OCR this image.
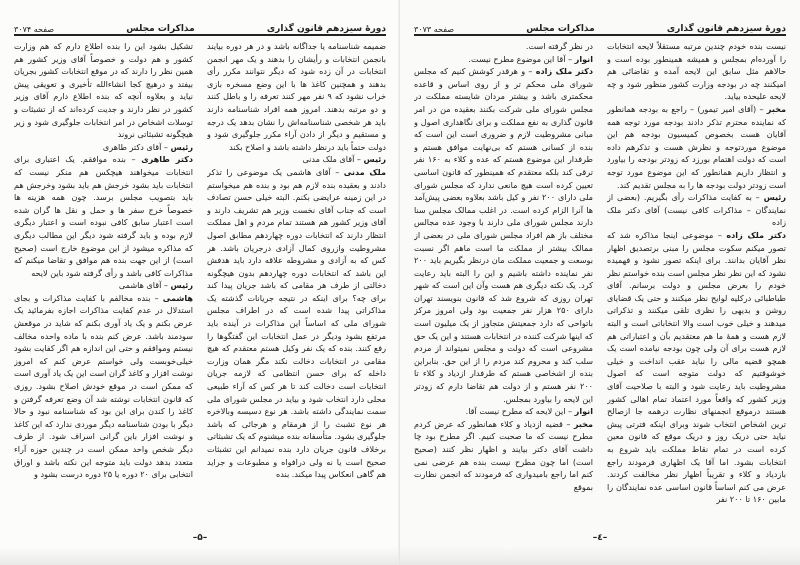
دورهٔ سیزدهم قانون گذاری
مذاکرات مجلس
صفحه ۳۰۷۴

ضمیمه شناسنامه یا جداگانه باشد و در هر دوره بیایند بانجمن انتخابات و رأیشان را بدهند و یک مهر انجمن انتخابات در آن زده شود که دیگر نتوانند مکرر رأی بدهند و همچنین کاغذ ها با این وضع مسخره بازی خراب نشود که ۹ نفر مهر کنند تعرفه را و باطل کنند و دو مرتبه بدهند. امروز همه افراد شناسنامه دارند باید هر شخصی شناسنامه‌اش را نشان بدهد یک درجه و مستقیم و دیگر از دادن آراء مکرر جلوگیری شود و دولت حتماً باید درنظر داشته باشد و اصلاح بکند

رئیس – آقای ملک مدنی

ملک مدنی – آقای هاشمی یک موضوعی را تذکر دادند و بعقیده بنده لازم هم بود و بنده هم میخواستم در این زمینه عرایضی بکنم. البته خیلی حسن تصادف است که جناب آقای نخست وزیر هم تشریف دارند و آقای وزیر کشور هم هستند تمام مردم و اهل مملکت انتظار دارند که انتخابات دوره چهاردهم مطابق اصول مشروطیت وازروی کمال آزادی درجریان باشد. هر کس که به آزادی و مشروطه علاقه دارد باید هدفش این باشد که انتخابات دوره چهاردهم بدون هیچگونه دخالتی از طرف هر مقامی که باشد جریان پیدا کند برای چه؟ برای اینکه در نتیجه جریانات گذشته یک مذاکراتی پیدا شده است که در اطراف مجلس شورای ملی که اساساً این مذاکرات در آینده باید مرتفع بشود ودیگر در عمل انتخابات این گفتگوها را رفع کنند. بنده که یک نفر وکیل هستم معتقدم که هیچ مقامی در انتخابات دخالت نکند مگر همان وزارت داخله که برای حسن انتظامی که لازمه جریان انتخابات است دخالت کند تا هر کس که آراء طبیعی محلی دارد انتخاب شود و بیاید در مجلس شورای ملی سمت نمایندگی داشته باشد. هر نوع دسیسه وبالاخره هر نوع تشبث را از هرمقام و هرجائی که باشد جلوگیری بشود. متأسفانه بنده میشنوم که یک تشبثاتی برخلاف قانون جریان دارد بنده نمیدانم این تشبثات صحیح است یا نه ولی درافواه و مطبوعات و جراید هم گاهی انعکاس پیدا میکند. بنده

تشکیل بشود این را بنده اطلاع دارم که هم وزارت کشور و هم دولت و خصوصاً آقای وزیر کشور هم همین نظر را دارند که در موقع انتخابات کشور بجریان بیفتد و درهیچ کجا انشاءالله تأخیری و تعویقی پیش نیاید و بعلاوه آنچه که بنده اطلاع دارم آقای وزیر کشور در نظر دارند و جدیت کرده‌اند که از تشبثات و توسلات اشخاص در امر انتخابات جلوگیری شود و زیر هیچگونه تشبثاتی نروند

رئیس – آقای دکتر طاهری

دکتر طاهری – بنده موافقم. یک اعتباری برای انتخابات میخواهند هیچکس هم منکر نیست که انتخابات باید بشود خرجش هم باید بشود وخرجش هم باید بتصویب مجلس برسد. چون همه هزینه ها خصوصاً خرج سفر ها و حمل و نقل ها گران شده است اعتبار سابق کافی نبوده است و اعتبار دیگری لازم بوده و باید گرفته شود دیگر این مطالب دیگری که مذاکره میشود از این موضوع خارج است (صحیح است) از این جهت بنده هم موافق و تقاضا میکنم که مذاکرات کافی باشد و رأی گرفته شود باین لایحه

رئیس – آقای هاشمی

هاشمی – بنده مخالفم با کفایت مذاکرات و بجای استدلال در عدم کفایت مذاکرات اجازه بفرمائید یک عرض بکنم و یک یاد آوری بکنم که شاید در موقعش سودمند باشد. عرض کنم بنده با ماده واحده مخالف نیستم وموافقم و حتی این اندازه هم اگر کفایت بشود خیلی‌خوبست ولی خواستم عرض کنم که امروز نوشت افزار و کاغذ گران است این یک یاد آوری است که ممکن است در موقع خودش اصلاح بشود. روزی که قانون انتخابات نوشته شد آن وضع تعرفه گرفتن و کاغذ را کندن برای این بود که شناسنامه نبود و حالا دیگر با بودن شناسنامه دیگر موردی ندارد که این کاغذ و نوشت افزار باین گرانی اسراف شود. از طرف دیگر شخص واحد ممکن است در چندین حوزه آراء متعدد بدهد دولت باید متوجه این نکته باشد و اوراق انتخابی برای ۲۰ دوره یا ۲۵ دوره درست بشود و

–۵–
دورهٔ سیزدهم قانون گذاری
مذاکرات مجلس
صفحه ۳۰۷۳

نیست بنده خودم چندین مرتبه مستقلاً لایحه انتخابات را آورده‌ام بمجلس و همیشه همینطور بوده است و حالاهم مثل سابق این لایحه آمده و تقاضائی هم امیکنند چه در بودجه وزارت کشور منظور شود و چه لایحه علیحده بیاید.

مخبر – (آقای امیر تیمور) – راجع به بودجه همانطور که نماینده محترم تذکر دادند بودجه مورد توجه همه آقایان هست بخصوص کمیسیون بودجه هم این موضوع موردتوجه و نظرش هست و تذکرهم داده است که دولت اهتمام بورزد که زودتر بودجه را بیاورد و انتظار داریم همانطور که این موضوع مورد توجه است زودتر دولت بودجه ها را به مجلس تقدیم کند.

رئیس – به کفایت مذاکرات رأی بگیریم. (بعضی از نمایندگان – مذاکرات کافی نیست) آقای دکتر ملک زاده

دکتر ملک زاده – موضوعی اینجا مذاکره شد که تصور میکنم سکوت مجلس را مبنی برتصدیق اظهار نظر آقایان بدانند. برای اینکه تصور نشود و فهمیده نشود که این نظر نظر مجلس است بنده خواستم نظر خودم را بعرض مجلس و دولت برسانم. آقای طباطبائی درکلیه لوایح نظر میکنند و حتی یک قضایای روشن و بدیهی را نظری تلقی میکنند و تذکراتی میدهند و خیلی خوب است والا انتخاباتی است و البته لازم هست و همهٔ ما هم معتقدیم بآن و اعتباراتی هم لازم هست برای آن ولی چون بودجه نیامده است یک همچو قضیه مالی را نباید عقب انداخت و خیلی خوشوقتیم که دولت متوجه است که اصول مشروطیت باید رعایت شود و البته با صلاحیت آقای وزیر کشور که واقعاً مورد اعتماد تمام اهالی کشور هستند درموقع انجمنهای نظارت درهمه جا ازصالح ترین اشخاص انتخاب شوند وبرای اینکه فترتی پیش نیاید حتی دریک روز و دریک موقع که قانون معین کرده است در تمام نقاط مملکت باید شروع به انتخابات بشود. اما آقا یک اظهاری فرمودند راجع بازدیاد و کلاء و تقریباً اظهار نظر مخالفت کردند. عرض می کنم اساساً قانون اساسی عده نمایندگان را مابین ۱۶۰ تا ۲۰۰ نفر

در نظر گرفته است.

انوار – آقا این موضوع مطرح نیست.

دکتر ملک زاده – و هرقدر کوشش کنیم که مجلس شورای ملی محکم تر و از روی اساس و قاعده محکمتری باشد و بیشتر مردان شایسته مملکت در مجلس شورای ملی شرکت بکنند بعقیده من در امر قانون گذاری به نفع مملکت و برای نگاهداری اصول و مبانی مشروطیت لازم و ضروری است این است که بنده از کسانی هستم که بی‌نهایت موافق هستم و طرفدار این موضوع هستم که عده و کلاء به ۱۶۰ نفر ترقی کند بلکه معتقدم که همینطور که قانون اساسی تعیین کرده است هیچ مانعی ندارد که مجلس شورای ملی دارای ۲۰۰ نفر و کیل باشد بعلاوه بعضی پیش‌آمد ها آنرا الزام کرده است. در اغلب ممالک مجلس سنا دارند مجلس شورای ملی دارند با وجود عده مجالس مختلف باز هم افراد مجلس شورای ملی در بعضی از ممالک بیشتر از مملکت ما است ماهم اگر نسبت بوسعت و جمعیت مملکت مان درنظر بگیریم باید ۲۰۰ نفر نماینده داشته باشیم و این را البته باید رعایت کرد. یک نکته دیگری هم هست وآن این است که شهر تهران روزی که شروع شد که قانون بنویسند تهران دارای ۲۵۰ هزار نفر جمعیت بود ولی امروز مرکز باتواحی که دارد جمعیتش متجاوز از یک میلیون است که اینها شرکت کننده در انتخابات هستند و این یک حق مشروعی است که دولت و مجلس نمیتواند از مردم سلب کند و محروم کند مردم را از این حق. بنابراین بنده از اشخاصی هستم که طرفدار ازدیاد و کلاء تا ۲۰۰ نفر هستم و از دولت هم تقاضا دارم که زودتر این لایحه را بیاورد بمجلس.

انوار – این لایحه که مطرح نیست آقا.

مخبر – قضیه ازدیاد و کلاء همانطور که عرض کردم مطرح نیست که ما صحبت کنیم. اگر مطرح بود چا داشت آقای دکتر بیایند و اظهار نظر کنند (صحیح است) اما چون مطرح نیست بنده هم عرضی نمی کنم اما راجع بامیدواری که فرمودند که انجمن نظارت بموقع

–٤–
